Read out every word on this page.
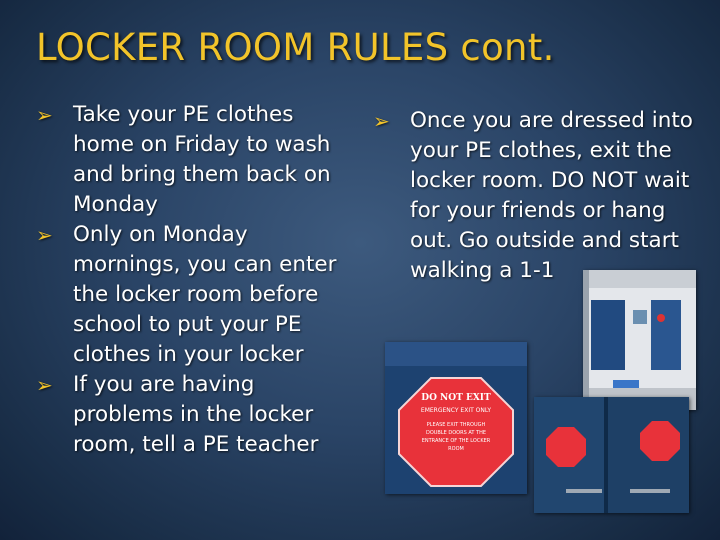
LOCKER ROOM RULES cont.
➢ Take your PE clothes home on Friday to wash and bring them back on Monday
➢ Only on Monday mornings, you can enter the locker room before school to put your PE clothes in your locker
➢ If you are having problems in the locker room, tell a PE teacher
➢ Once you are dressed into your PE clothes, exit the locker room. DO NOT wait for your friends or hang out. Go outside and start walking a 1-1
DO NOT EXIT
EMERGENCY EXIT ONLY
PLEASE EXIT THROUGH
DOUBLE DOORS AT THE
ENTRANCE OF THE LOCKER
ROOM
